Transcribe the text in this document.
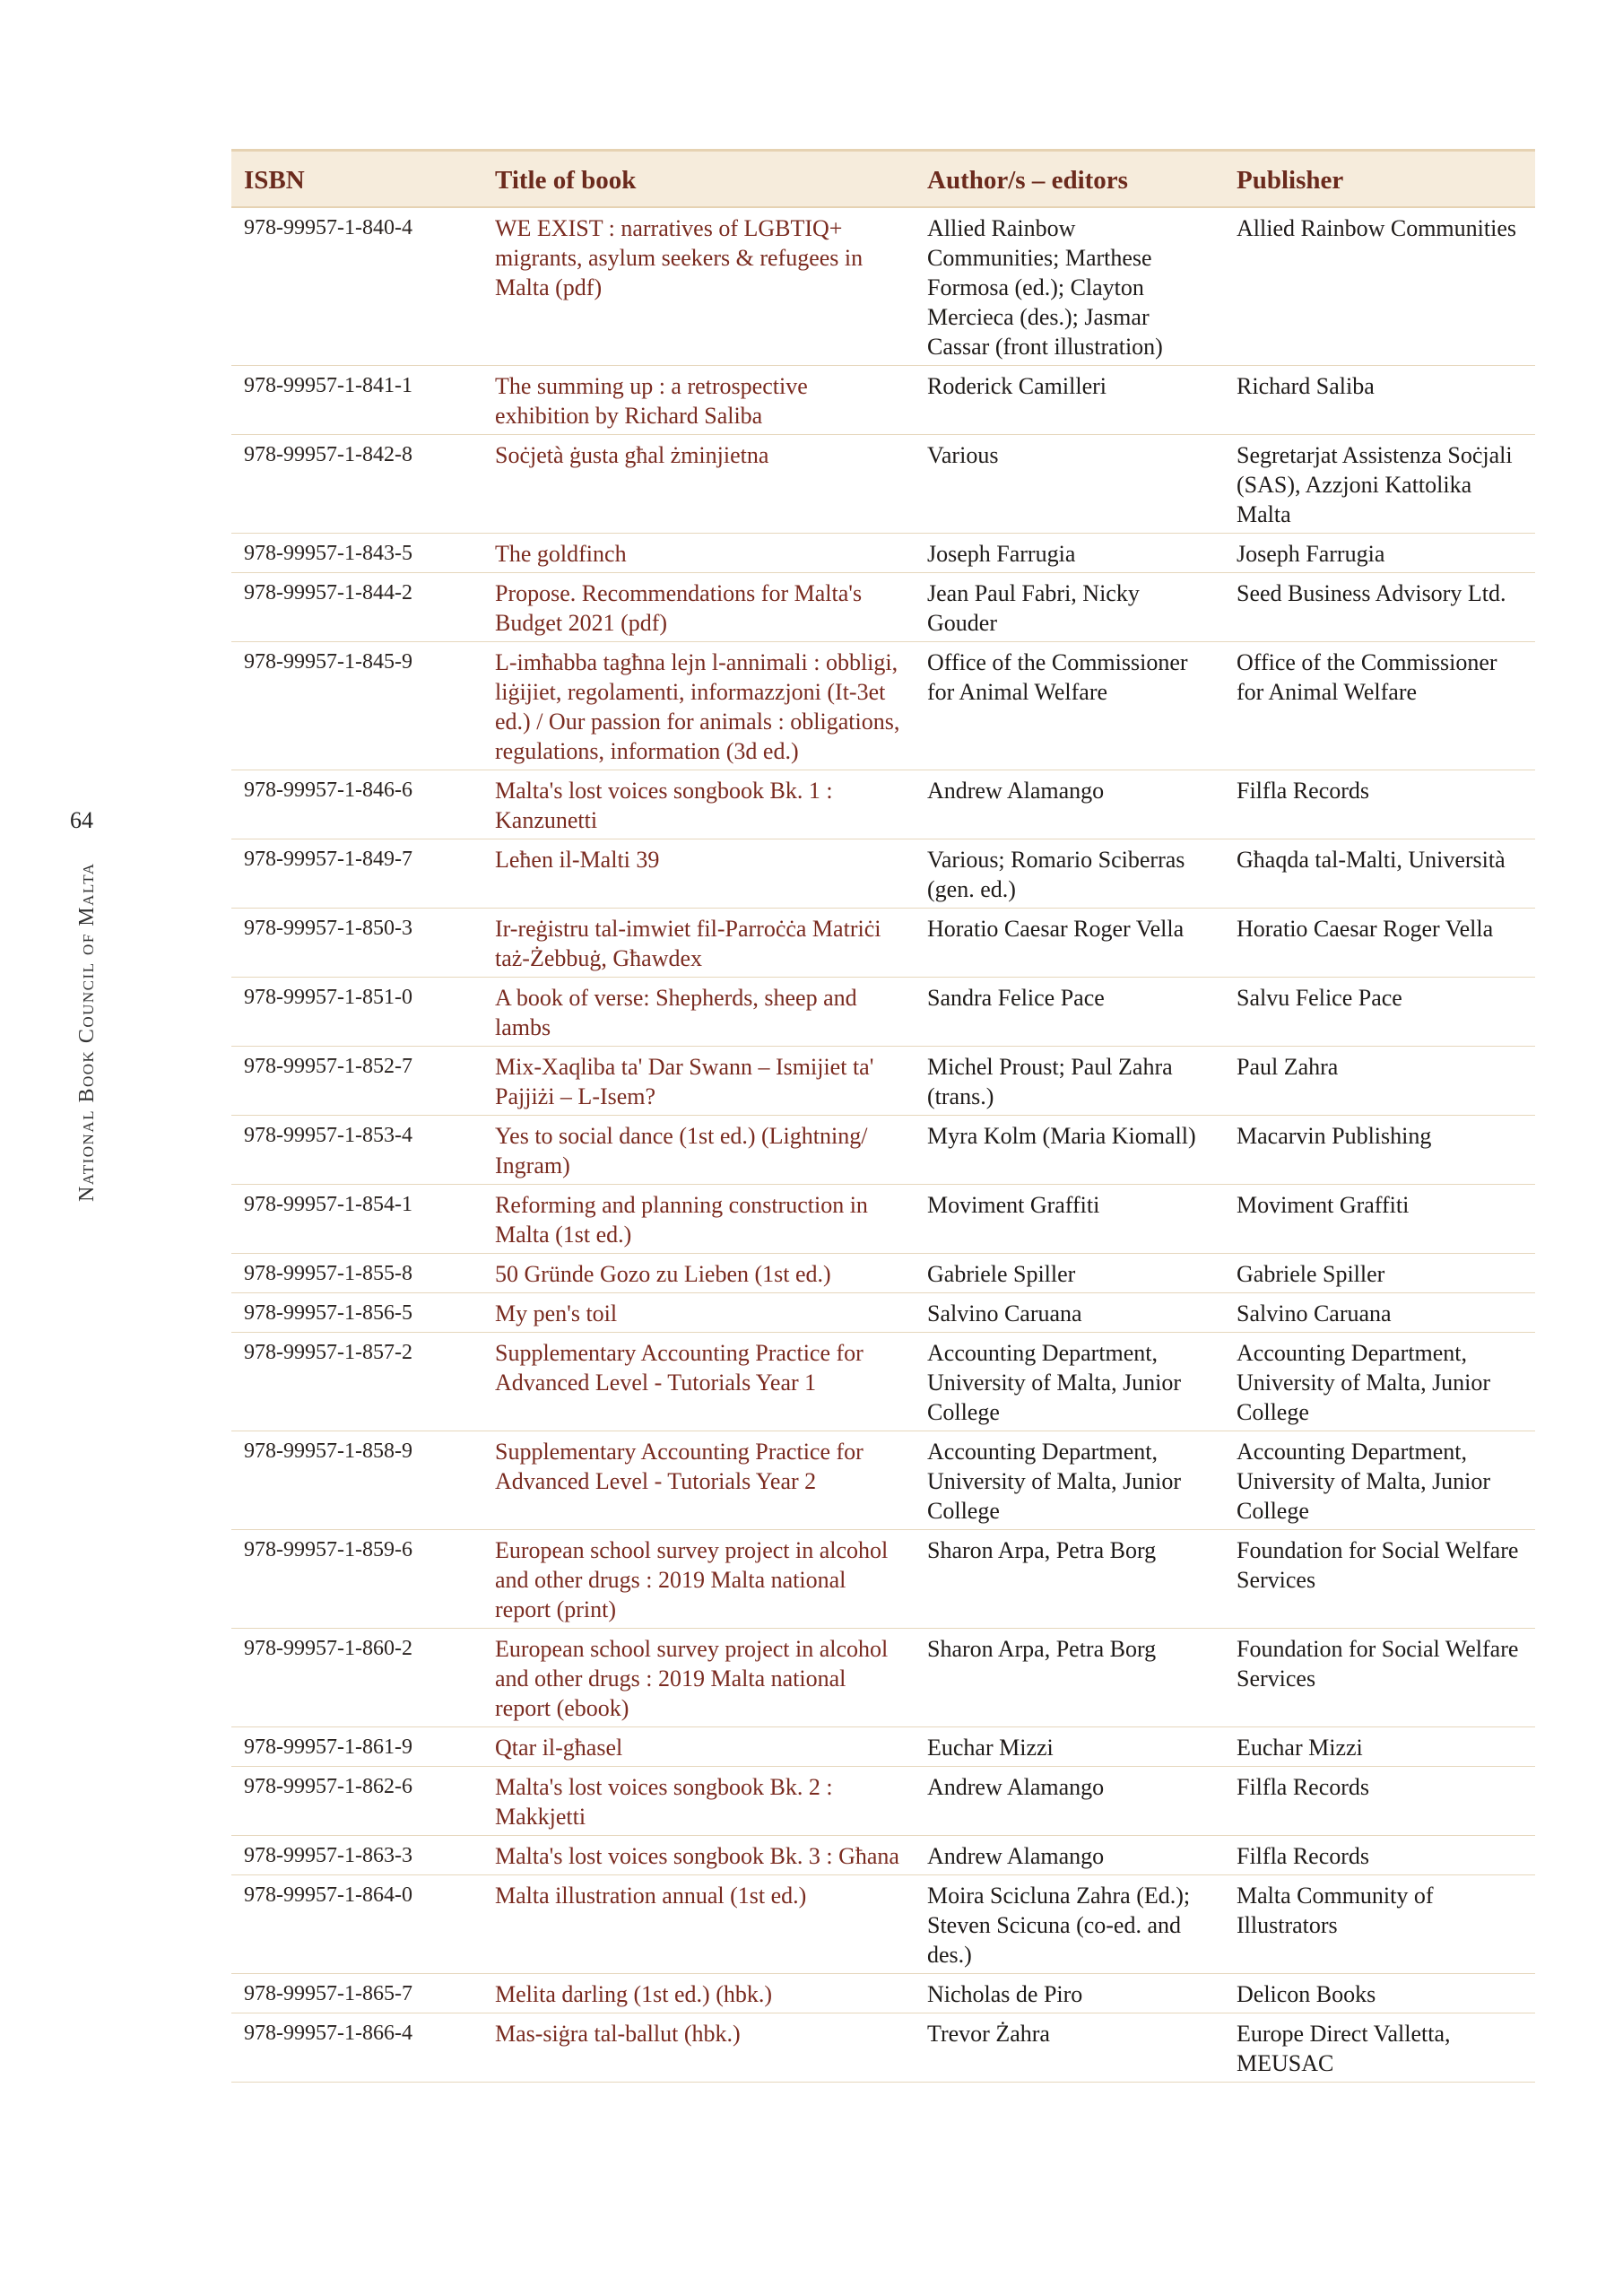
64
National Book Council of Malta
ISBN	Title of book	Author/s – editors	Publisher
978-99957-1-840-4	WE EXIST : narratives of LGBTIQ+ migrants, asylum seekers & refugees in Malta (pdf)	Allied Rainbow Communities; Marthese Formosa (ed.); Clayton Mercieca (des.); Jasmar Cassar (front illustration)	Allied Rainbow Communities
978-99957-1-841-1	The summing up : a retrospective exhibition by Richard Saliba	Roderick Camilleri	Richard Saliba
978-99957-1-842-8	Soċjetà ġusta għal żminjietna	Various	Segretarjat Assistenza Soċjali (SAS), Azzjoni Kattolika Malta
978-99957-1-843-5	The goldfinch	Joseph Farrugia	Joseph Farrugia
978-99957-1-844-2	Propose. Recommendations for Malta's Budget 2021 (pdf)	Jean Paul Fabri, Nicky Gouder	Seed Business Advisory Ltd.
978-99957-1-845-9	L-imħabba tagħna lejn l-annimali : obbligi, liġijiet, regolamenti, informazzjoni (It-3et ed.) / Our passion for animals : obligations, regulations, information (3d ed.)	Office of the Commissioner for Animal Welfare	Office of the Commissioner for Animal Welfare
978-99957-1-846-6	Malta's lost voices songbook Bk. 1 : Kanzunetti	Andrew Alamango	Filfla Records
978-99957-1-849-7	Leħen il-Malti 39	Various; Romario Sciberras (gen. ed.)	Għaqda tal-Malti, Università
978-99957-1-850-3	Ir-reġistru tal-imwiet fil-Parroċċa Matriċi taż-Żebbuġ, Għawdex	Horatio Caesar Roger Vella	Horatio Caesar Roger Vella
978-99957-1-851-0	A book of verse: Shepherds, sheep and lambs	Sandra Felice Pace	Salvu Felice Pace
978-99957-1-852-7	Mix-Xaqliba ta' Dar Swann – Ismijiet ta' Pajjiżi – L-Isem?	Michel Proust; Paul Zahra (trans.)	Paul Zahra
978-99957-1-853-4	Yes to social dance (1st ed.) (Lightning/ Ingram)	Myra Kolm (Maria Kiomall)	Macarvin Publishing
978-99957-1-854-1	Reforming and planning construction in Malta (1st ed.)	Moviment Graffiti	Moviment Graffiti
978-99957-1-855-8	50 Gründe Gozo zu Lieben (1st ed.)	Gabriele Spiller	Gabriele Spiller
978-99957-1-856-5	My pen's toil	Salvino Caruana	Salvino Caruana
978-99957-1-857-2	Supplementary Accounting Practice for Advanced Level - Tutorials Year 1	Accounting Department, University of Malta, Junior College	Accounting Department, University of Malta, Junior College
978-99957-1-858-9	Supplementary Accounting Practice for Advanced Level - Tutorials Year 2	Accounting Department, University of Malta, Junior College	Accounting Department, University of Malta, Junior College
978-99957-1-859-6	European school survey project in alcohol and other drugs : 2019 Malta national report (print)	Sharon Arpa, Petra Borg	Foundation for Social Welfare Services
978-99957-1-860-2	European school survey project in alcohol and other drugs : 2019 Malta national report (ebook)	Sharon Arpa, Petra Borg	Foundation for Social Welfare Services
978-99957-1-861-9	Qtar il-għasel	Euchar Mizzi	Euchar Mizzi
978-99957-1-862-6	Malta's lost voices songbook Bk. 2 : Makkjetti	Andrew Alamango	Filfla Records
978-99957-1-863-3	Malta's lost voices songbook Bk. 3 : Għana	Andrew Alamango	Filfla Records
978-99957-1-864-0	Malta illustration annual (1st ed.)	Moira Scicluna Zahra (Ed.); Steven Scicuna (co-ed. and des.)	Malta Community of Illustrators
978-99957-1-865-7	Melita darling (1st ed.) (hbk.)	Nicholas de Piro	Delicon Books
978-99957-1-866-4	Mas-siġra tal-ballut (hbk.)	Trevor Żahra	Europe Direct Valletta, MEUSAC
